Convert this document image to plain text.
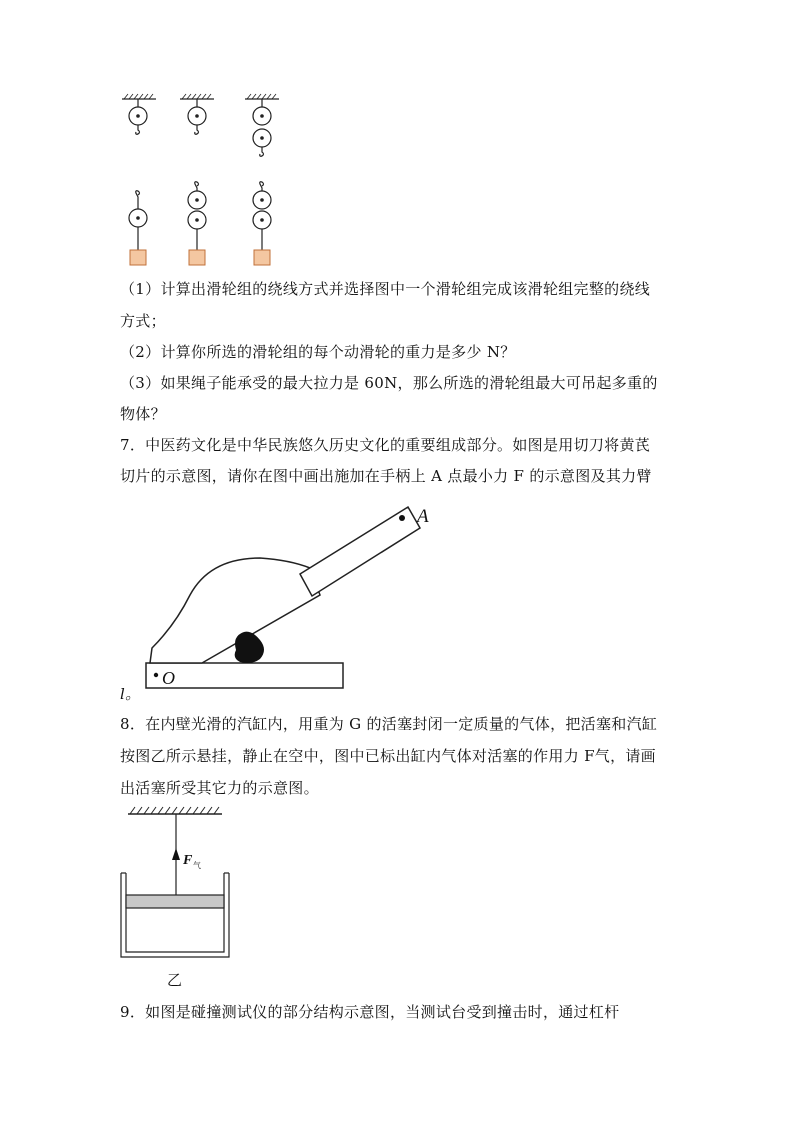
（1）计算出滑轮组的绕线方式并选择图中一个滑轮组完成该滑轮组完整的绕线
方式；
（2）计算你所选的滑轮组的每个动滑轮的重力是多少 N？
（3）如果绳子能承受的最大拉力是 60N，那么所选的滑轮组最大可吊起多重的
物体？
7．中医药文化是中华民族悠久历史文化的重要组成部分。如图是用切刀将黄芪
切片的示意图，请你在图中画出施加在手柄上 A 点最小力 F 的示意图及其力臂
A
O
l。
8．在内壁光滑的汽缸内，用重为 G 的活塞封闭一定质量的气体，把活塞和汽缸
按图乙所示悬挂，静止在空中，图中已标出缸内气体对活塞的作用力 F气，请画
出活塞所受其它力的示意图。
F 气
乙
9．如图是碰撞测试仪的部分结构示意图，当测试台受到撞击时，通过杠杆
